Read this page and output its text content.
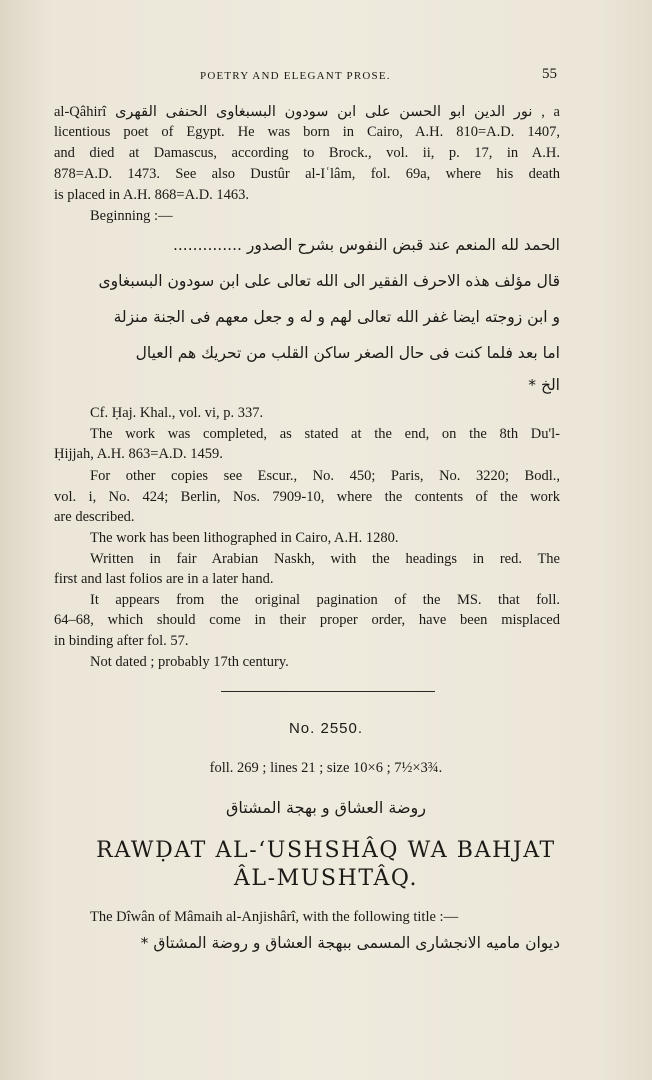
POETRY AND ELEGANT PROSE.	55
al-Qâhirî نور الدين ابو الحسن على ابن سودون البسبغاوى الحنفى القهرى , a
licentious poet of Egypt. He was born in Cairo, A.H. 810=A.D. 1407,
and died at Damascus, according to Brock., vol. ii, p. 17, in A.H.
878=A.D. 1473. See also Dustûr al-Iʿlâm, fol. 69a, where his death
is placed in A.H. 868=A.D. 1463.
Beginning :—
الحمد لله المنعم عند قبض النفوس بشرح الصدور ..............
قال مؤلف هذه الاحرف الفقير الى الله تعالى على ابن سودون البسبغاوى
و ابن زوجته ايضا غفر الله تعالى لهم و له و جعل معهم فى الجنة منزلة
اما بعد فلما كنت فى حال الصغر ساكن القلب من تحريك هم العيال
الخ *
Cf. Ḥaj. Khal., vol. vi, p. 337.
The work was completed, as stated at the end, on the 8th Du'l-
Ḥijjah, A.H. 863=A.D. 1459.
For other copies see Escur., No. 450; Paris, No. 3220; Bodl.,
vol. i, No. 424; Berlin, Nos. 7909-10, where the contents of the work
are described.
The work has been lithographed in Cairo, A.H. 1280.
Written in fair Arabian Naskh, with the headings in red. The
first and last folios are in a later hand.
It appears from the original pagination of the MS. that foll.
64–68, which should come in their proper order, have been misplaced
in binding after fol. 57.
Not dated ; probably 17th century.
No. 2550.
foll. 269 ; lines 21 ; size 10×6 ; 7½×3¾.
روضة العشاق و بهجة المشتاق
RAWḌAT AL-‘USHSHÂQ WA BAHJAT
ÂL-MUSHTÂQ.
The Dîwân of Mâmaih al-Anjishârî, with the following title :—
ديوان ماميه الانجشارى المسمى ببهجة العشاق و روضة المشتاق *
